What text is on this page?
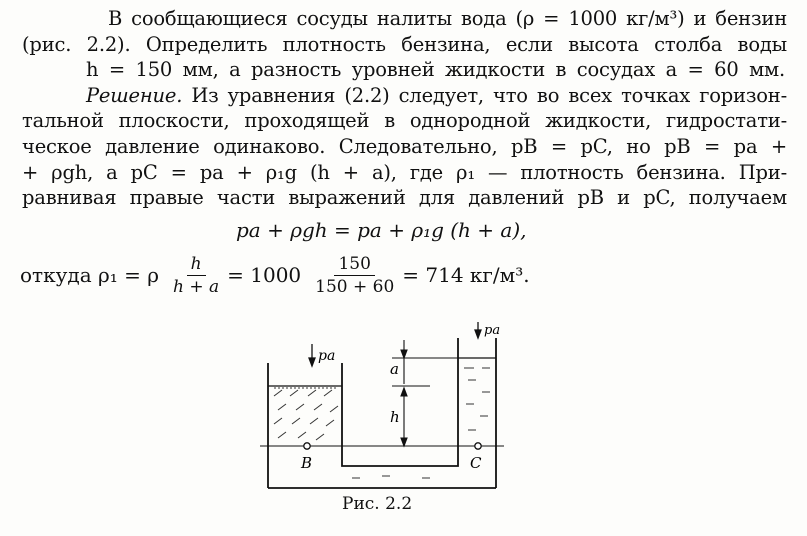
В сообщающиеся сосуды налиты вода (ρ = 1000 кг/м³) и бензин
(рис. 2.2). Определить плотность бензина, если высота столба воды
h = 150 мм, а разность уровней жидкости в сосудах a = 60 мм.
Решение. Из уравнения (2.2) следует, что во всех точках горизон-
тальной плоскости, проходящей в однородной жидкости, гидростати-
ческое давление одинаково. Следовательно, pB = pC, но pB = pa +
+ ρgh, а pC = pa + ρ₁g (h + a), где ρ₁ — плотность бензина. При-
равнивая правые части выражений для давлений pB и pC, получаем
pa + ρgh = pa + ρ₁g (h + a),
откуда ρ₁ = ρ $\frac{h}{h + a} = 1000 \frac{150}{150 + 60} = 714$ кг/м³.
pa
pa
a
h
B	C
Рис. 2.2
